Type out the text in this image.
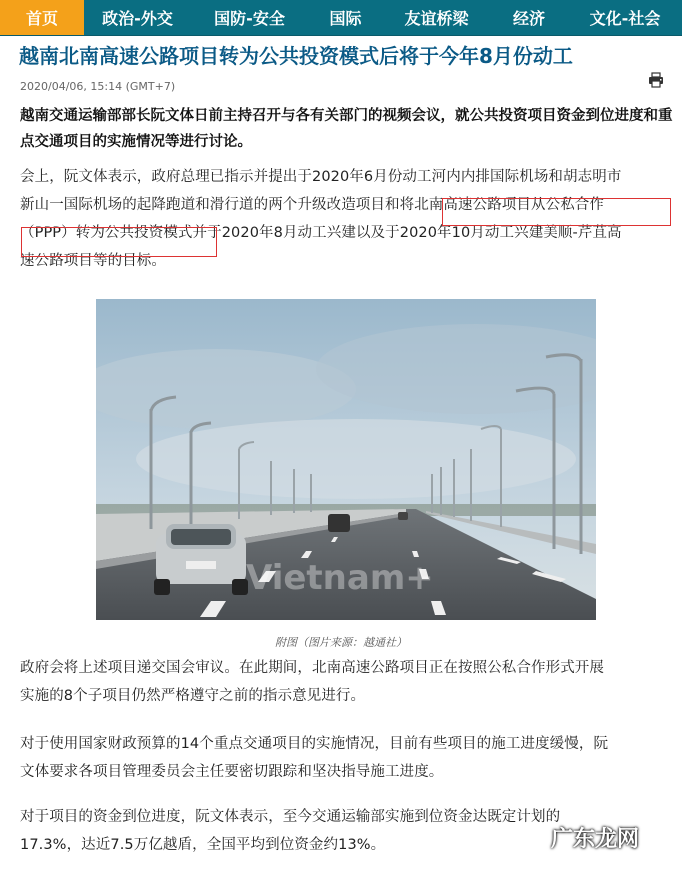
首页	政治-外交	国防-安全	国际	友谊桥梁	经济	文化-社会
越南北南高速公路项目转为公共投资模式后将于今年8月份动工
2020/04/06, 15:14 (GMT+7)
越南交通运输部部长阮文体日前主持召开与各有关部门的视频会议，就公共投资项目资金到位进度和重点交通项目的实施情况等进行讨论。
会上，阮文体表示，政府总理已指示并提出于2020年6月份动工河内内排国际机场和胡志明市
新山一国际机场的起降跑道和滑行道的两个升级改造项目和将北南高速公路项目从公私合作
（PPP）转为公共投资模式并于2020年8月动工兴建以及于2020年10月动工兴建美顺-芹苴高
速公路项目等的目标。
Vietnam+
附图（图片来源：越通社）
政府会将上述项目递交国会审议。在此期间，北南高速公路项目正在按照公私合作形式开展
实施的8个子项目仍然严格遵守之前的指示意见进行。
对于使用国家财政预算的14个重点交通项目的实施情况，目前有些项目的施工进度缓慢，阮
文体要求各项目管理委员会主任要密切跟踪和坚决指导施工进度。
对于项目的资金到位进度，阮文体表示，至今交通运输部实施到位资金达既定计划的
17.3%，达近7.5万亿越盾，全国平均到位资金约13%。	广东龙网
